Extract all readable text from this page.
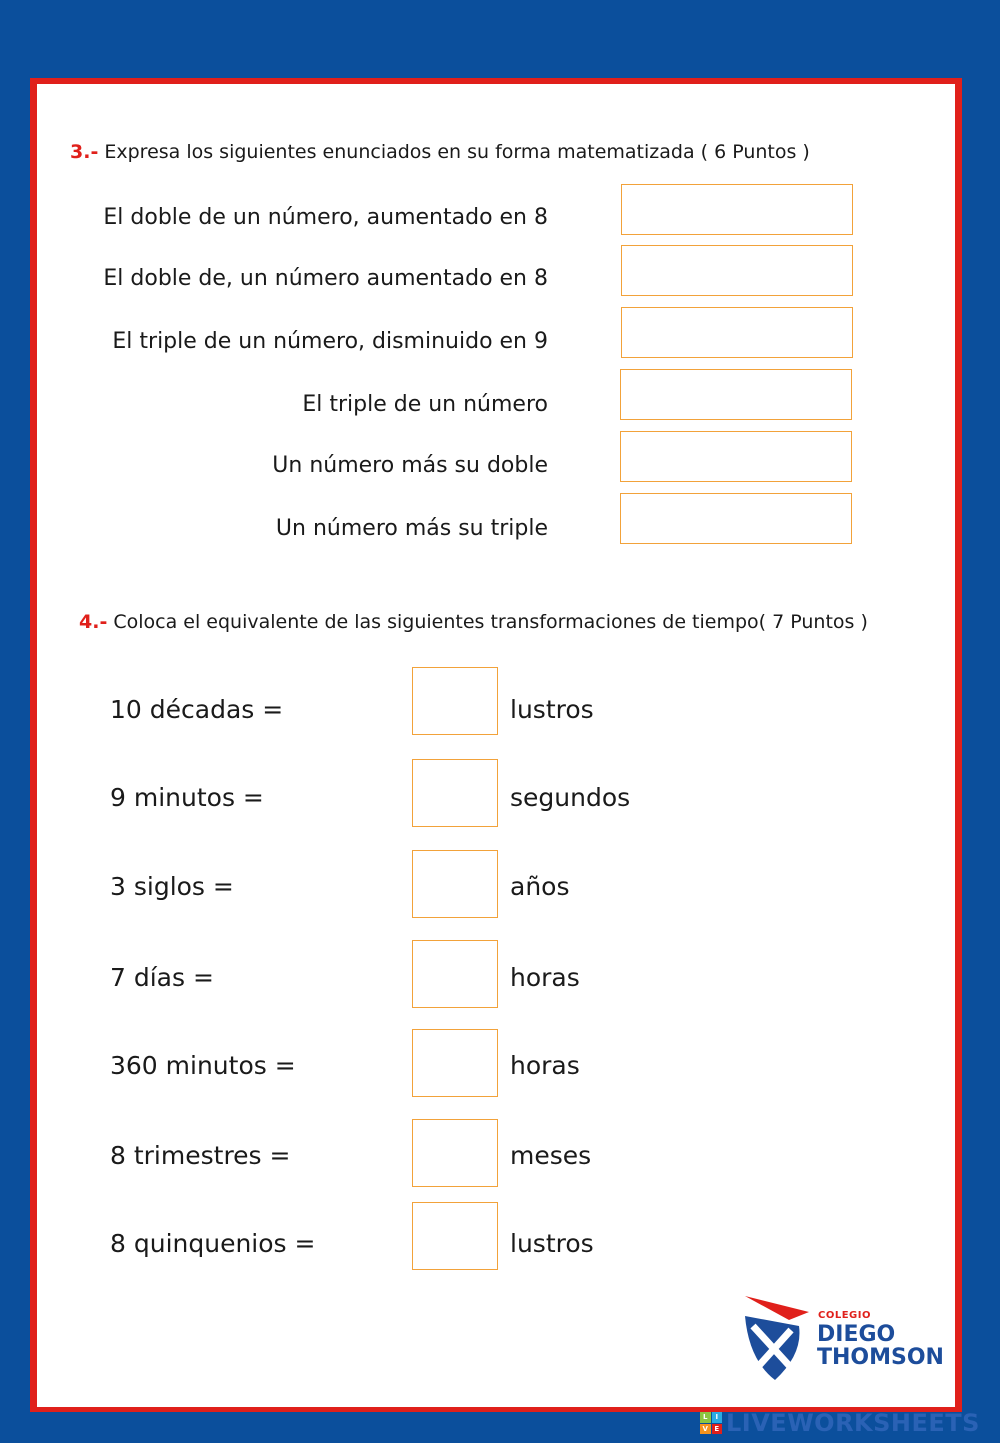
3.- Expresa los siguientes enunciados en su forma matematizada ( 6 Puntos )
El doble de un número, aumentado en 8
El doble de, un número aumentado en 8
El triple de un número, disminuido en 9
El triple de un número
Un número más su doble
Un número más su triple
4.- Coloca el equivalente de las siguientes transformaciones de tiempo( 7 Puntos )
10 décadas =	lustros
9 minutos =	segundos
3 siglos =	años
7 días =	horas
360 minutos =	horas
8 trimestres =	meses
8 quinquenios =	lustros
COLEGIO
DIEGO
THOMSON
L	I
V E LIVEWORKSHEETS
